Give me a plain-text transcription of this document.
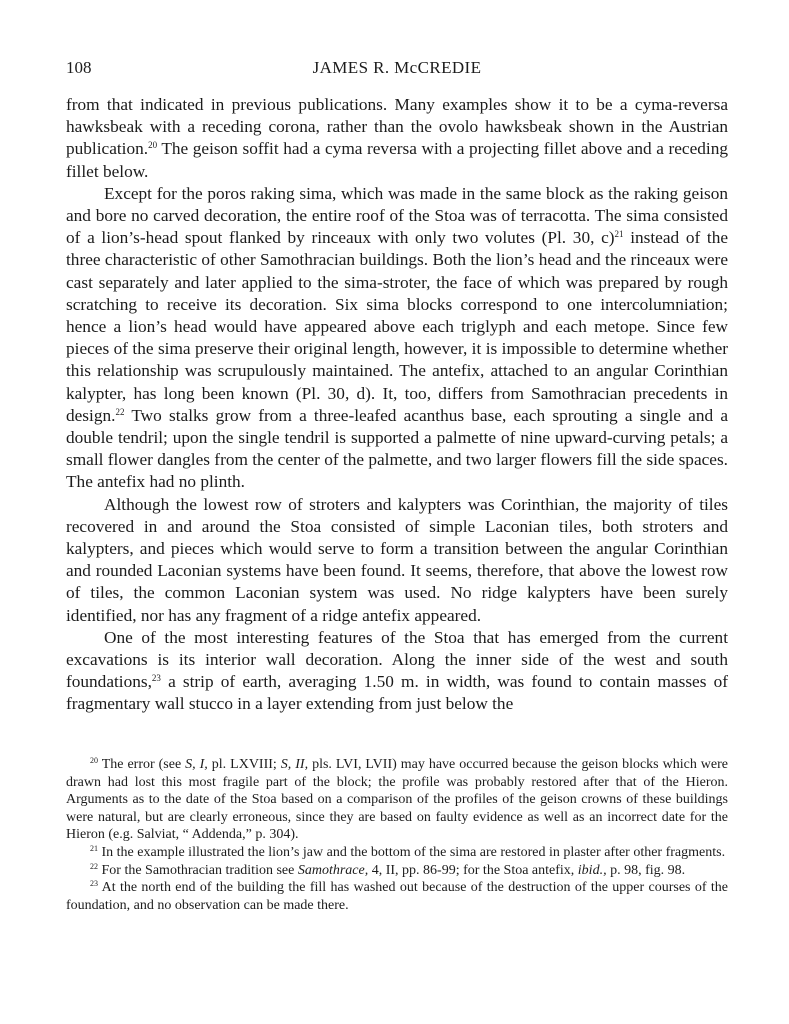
108	JAMES R. McCREDIE

from that indicated in previous publications. Many examples show it to be a cyma-reversa hawksbeak with a receding corona, rather than the ovolo hawksbeak shown in the Austrian publication.$^{20}$ The geison soffit had a cyma reversa with a projecting fillet above and a receding fillet below.

Except for the poros raking sima, which was made in the same block as the raking geison and bore no carved decoration, the entire roof of the Stoa was of terracotta. The sima consisted of a lion’s-head spout flanked by rinceaux with only two volutes (Pl. 30, c)$^{21}$ instead of the three characteristic of other Samothracian buildings. Both the lion’s head and the rinceaux were cast separately and later applied to the sima-stroter, the face of which was prepared by rough scratching to receive its decoration. Six sima blocks correspond to one intercolumniation; hence a lion’s head would have appeared above each triglyph and each metope. Since few pieces of the sima preserve their original length, however, it is impossible to determine whether this relationship was scrupulously maintained. The antefix, attached to an angular Corinthian kalypter, has long been known (Pl. 30, d). It, too, differs from Samothracian precedents in design.$^{22}$ Two stalks grow from a three-leafed acanthus base, each sprouting a single and a double tendril; upon the single tendril is supported a palmette of nine upward-curving petals; a small flower dangles from the center of the palmette, and two larger flowers fill the side spaces. The antefix had no plinth.

Although the lowest row of stroters and kalypters was Corinthian, the majority of tiles recovered in and around the Stoa consisted of simple Laconian tiles, both stroters and kalypters, and pieces which would serve to form a transition between the angular Corinthian and rounded Laconian systems have been found. It seems, therefore, that above the lowest row of tiles, the common Laconian system was used. No ridge kalypters have been surely identified, nor has any fragment of a ridge antefix appeared.

One of the most interesting features of the Stoa that has emerged from the current excavations is its interior wall decoration. Along the inner side of the west and south foundations,$^{23}$ a strip of earth, averaging 1.50 m. in width, was found to contain masses of fragmentary wall stucco in a layer extending from just below the

$^{20}$ The error (see S, I, pl. LXVIII; S, II, pls. LVI, LVII) may have occurred because the geison blocks which were drawn had lost this most fragile part of the block; the profile was probably restored after that of the Hieron. Arguments as to the date of the Stoa based on a comparison of the profiles of the geison crowns of these buildings were natural, but are clearly erroneous, since they are based on faulty evidence as well as an incorrect date for the Hieron (e.g. Salviat, “ Addenda,” p. 304).

$^{21}$ In the example illustrated the lion’s jaw and the bottom of the sima are restored in plaster after other fragments.

$^{22}$ For the Samothracian tradition see Samothrace, 4, II, pp. 86-99; for the Stoa antefix, ibid., p. 98, fig. 98.

$^{23}$ At the north end of the building the fill has washed out because of the destruction of the upper courses of the foundation, and no observation can be made there.
